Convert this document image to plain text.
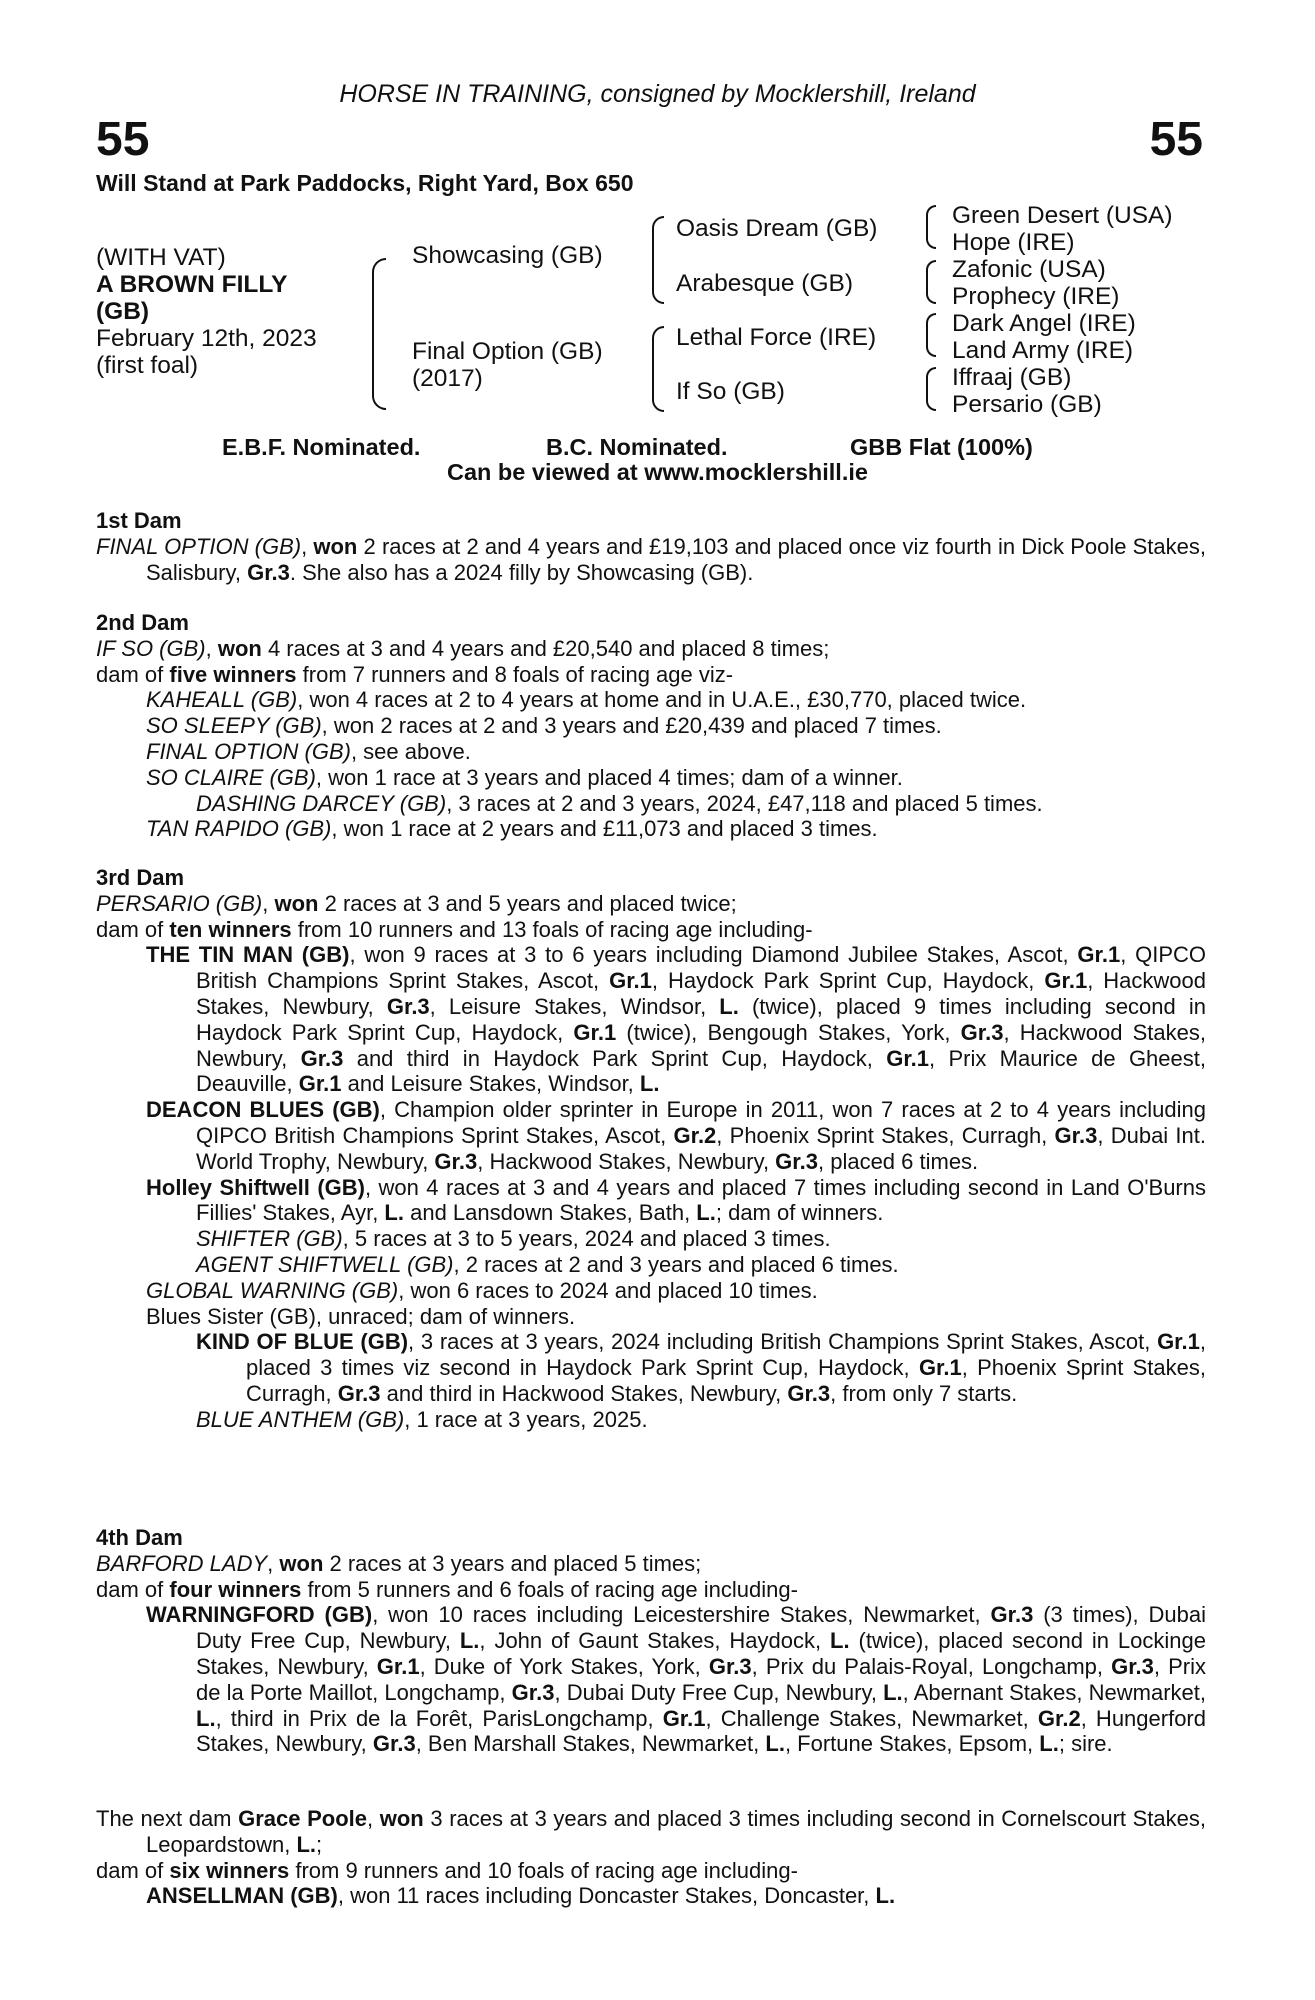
HORSE IN TRAINING, consigned by Mocklershill, Ireland
55	55
Will Stand at Park Paddocks, Right Yard, Box 650
(WITH VAT)
A BROWN FILLY
(GB)
February 12th, 2023
(first foal)
Showcasing (GB)
Final Option (GB)
(2017)
Oasis Dream (GB)
Arabesque (GB)
Lethal Force (IRE)
If So (GB)
Green Desert (USA)
Hope (IRE)
Zafonic (USA)
Prophecy (IRE)
Dark Angel (IRE)
Land Army (IRE)
Iffraaj (GB)
Persario (GB)
E.B.F. Nominated.	B.C. Nominated.	GBB Flat (100%)
Can be viewed at www.mocklershill.ie
1st Dam

FINAL OPTION (GB), won 2 races at 2 and 4 years and £19,103 and placed once viz fourth in Dick Poole Stakes, Salisbury, Gr.3. She also has a 2024 filly by Showcasing (GB).

2nd Dam

IF SO (GB), won 4 races at 3 and 4 years and £20,540 and placed 8 times;

dam of five winners from 7 runners and 8 foals of racing age viz-

KAHEALL (GB), won 4 races at 2 to 4 years at home and in U.A.E., £30,770, placed twice.

SO SLEEPY (GB), won 2 races at 2 and 3 years and £20,439 and placed 7 times.

FINAL OPTION (GB), see above.

SO CLAIRE (GB), won 1 race at 3 years and placed 4 times; dam of a winner.

DASHING DARCEY (GB), 3 races at 2 and 3 years, 2024, £47,118 and placed 5 times.

TAN RAPIDO (GB), won 1 race at 2 years and £11,073 and placed 3 times.

3rd Dam

PERSARIO (GB), won 2 races at 3 and 5 years and placed twice;

dam of ten winners from 10 runners and 13 foals of racing age including-

THE TIN MAN (GB), won 9 races at 3 to 6 years including Diamond Jubilee Stakes, Ascot, Gr.1, QIPCO British Champions Sprint Stakes, Ascot, Gr.1, Haydock Park Sprint Cup, Haydock, Gr.1, Hackwood Stakes, Newbury, Gr.3, Leisure Stakes, Windsor, L. (twice), placed 9 times including second in Haydock Park Sprint Cup, Haydock, Gr.1 (twice), Bengough Stakes, York, Gr.3, Hackwood Stakes, Newbury, Gr.3 and third in Haydock Park Sprint Cup, Haydock, Gr.1, Prix Maurice de Gheest, Deauville, Gr.1 and Leisure Stakes, Windsor, L.

DEACON BLUES (GB), Champion older sprinter in Europe in 2011, won 7 races at 2 to 4 years including QIPCO British Champions Sprint Stakes, Ascot, Gr.2, Phoenix Sprint Stakes, Curragh, Gr.3, Dubai Int. World Trophy, Newbury, Gr.3, Hackwood Stakes, Newbury, Gr.3, placed 6 times.

Holley Shiftwell (GB), won 4 races at 3 and 4 years and placed 7 times including second in Land O'Burns Fillies' Stakes, Ayr, L. and Lansdown Stakes, Bath, L.; dam of winners.

SHIFTER (GB), 5 races at 3 to 5 years, 2024 and placed 3 times.

AGENT SHIFTWELL (GB), 2 races at 2 and 3 years and placed 6 times.

GLOBAL WARNING (GB), won 6 races to 2024 and placed 10 times.

Blues Sister (GB), unraced; dam of winners.

KIND OF BLUE (GB), 3 races at 3 years, 2024 including British Champions Sprint Stakes, Ascot, Gr.1, placed 3 times viz second in Haydock Park Sprint Cup, Haydock, Gr.1, Phoenix Sprint Stakes, Curragh, Gr.3 and third in Hackwood Stakes, Newbury, Gr.3, from only 7 starts.

BLUE ANTHEM (GB), 1 race at 3 years, 2025.

4th Dam

BARFORD LADY, won 2 races at 3 years and placed 5 times;

dam of four winners from 5 runners and 6 foals of racing age including-

WARNINGFORD (GB), won 10 races including Leicestershire Stakes, Newmarket, Gr.3 (3 times), Dubai Duty Free Cup, Newbury, L., John of Gaunt Stakes, Haydock, L. (twice), placed second in Lockinge Stakes, Newbury, Gr.1, Duke of York Stakes, York, Gr.3, Prix du Palais-Royal, Longchamp, Gr.3, Prix de la Porte Maillot, Longchamp, Gr.3, Dubai Duty Free Cup, Newbury, L., Abernant Stakes, Newmarket, L., third in Prix de la Forêt, ParisLongchamp, Gr.1, Challenge Stakes, Newmarket, Gr.2, Hungerford Stakes, Newbury, Gr.3, Ben Marshall Stakes, Newmarket, L., Fortune Stakes, Epsom, L.; sire.

The next dam Grace Poole, won 3 races at 3 years and placed 3 times including second in Cornelscourt Stakes, Leopardstown, L.;

dam of six winners from 9 runners and 10 foals of racing age including-

ANSELLMAN (GB), won 11 races including Doncaster Stakes, Doncaster, L.
